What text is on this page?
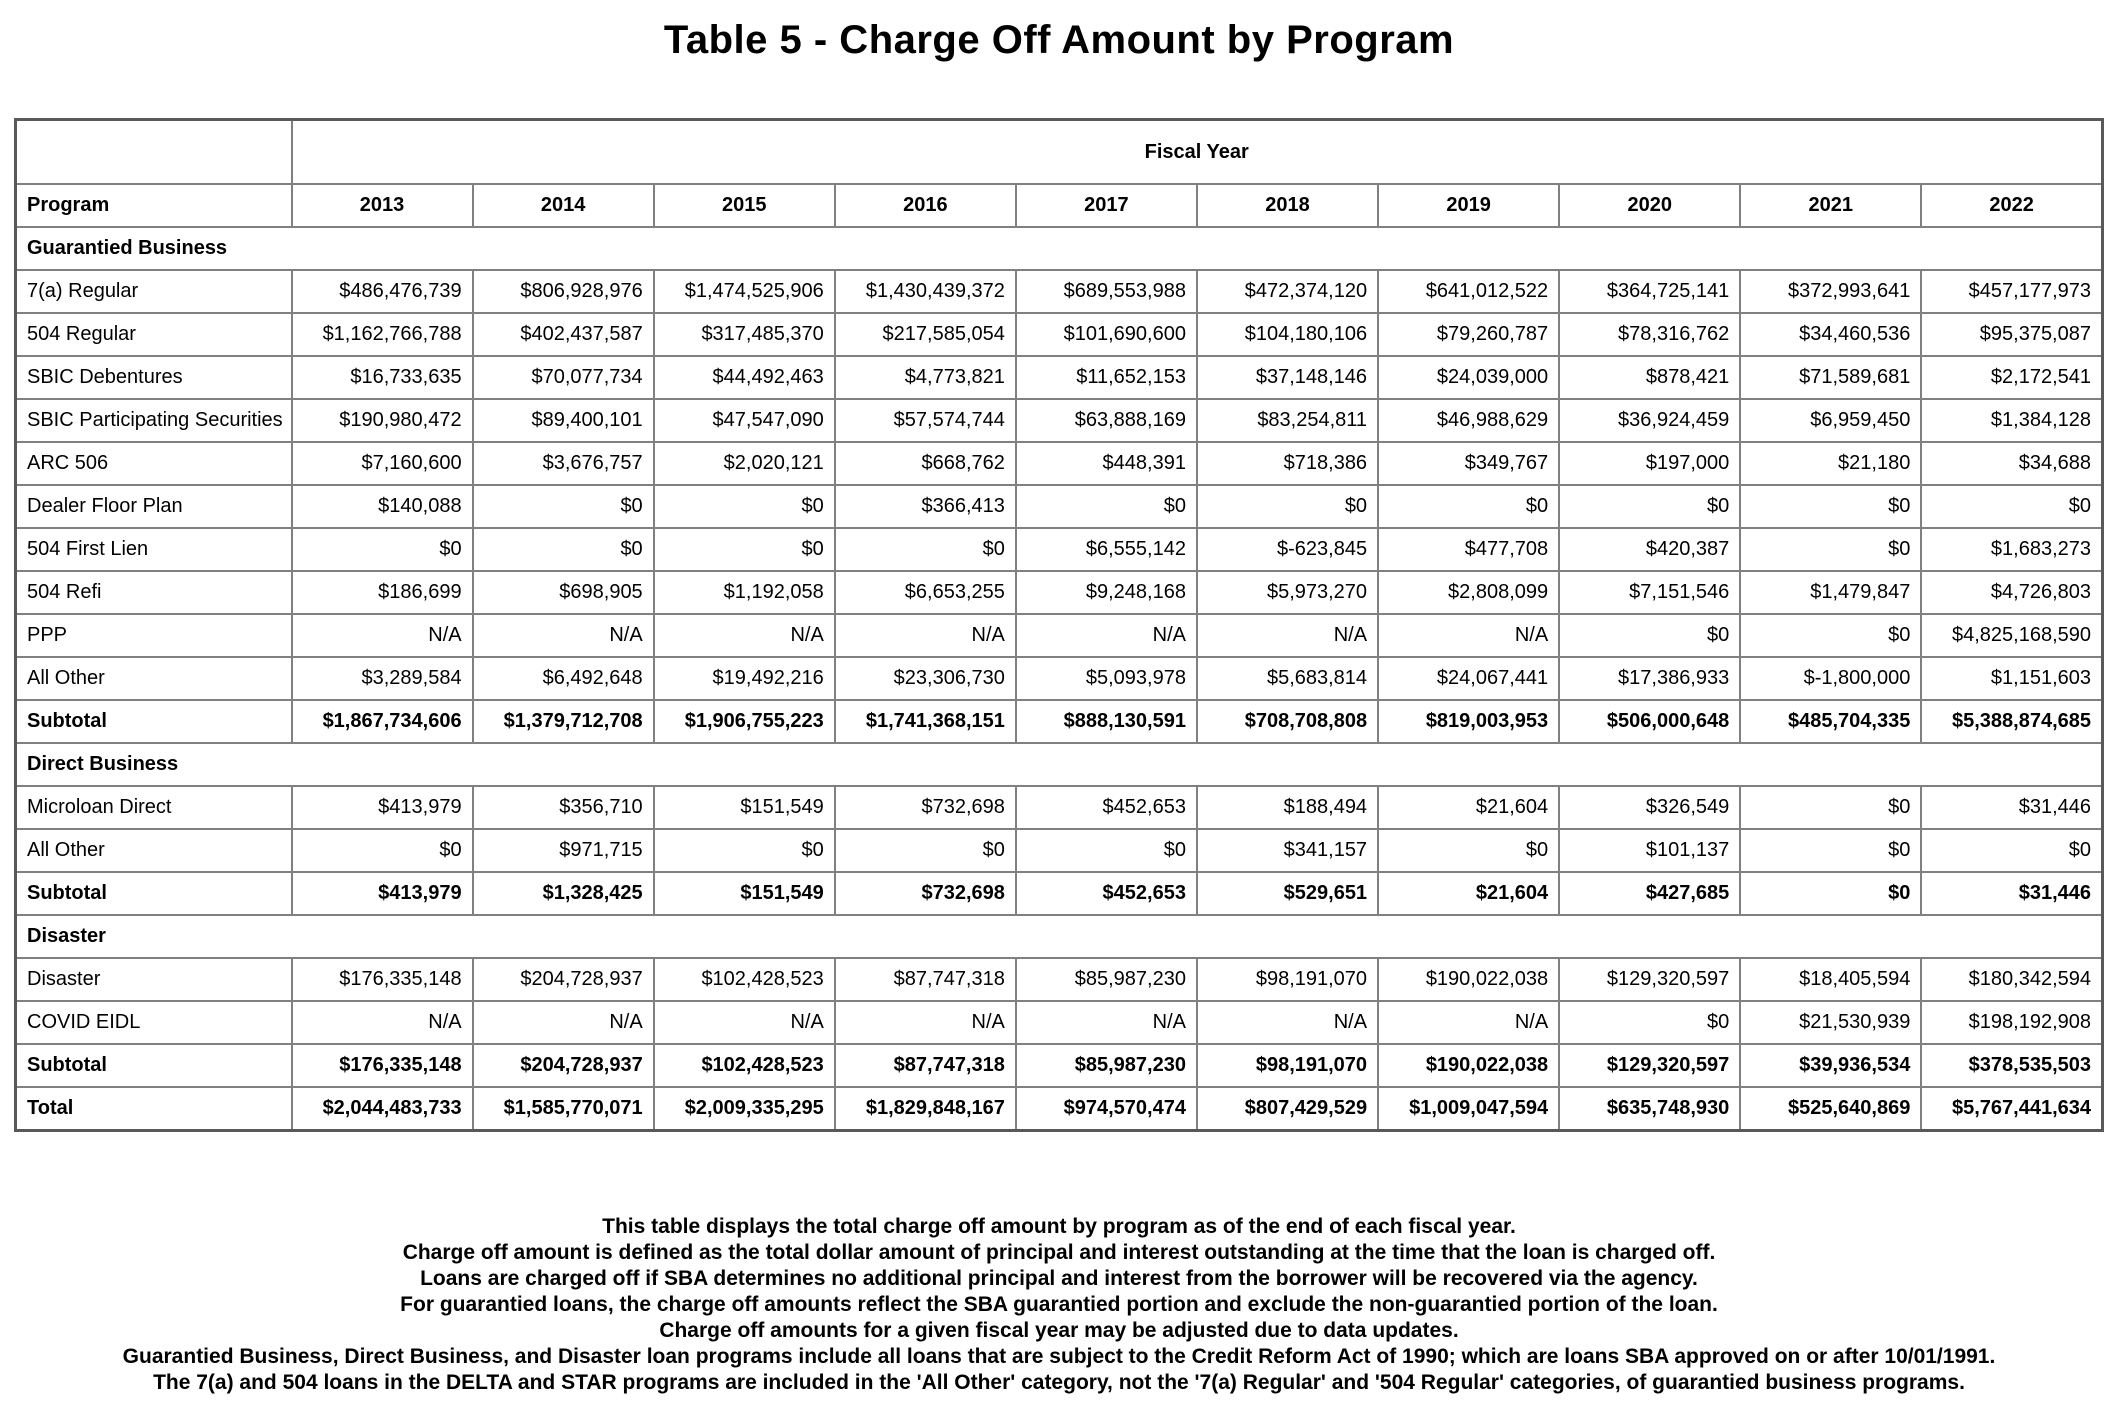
Table 5 - Charge Off Amount by Program
	Fiscal Year									
Program	2013	2014	2015	2016	2017	2018	2019	2020	2021	2022
Guarantied Business										
7(a) Regular	$486,476,739	$806,928,976	$1,474,525,906	$1,430,439,372	$689,553,988	$472,374,120	$641,012,522	$364,725,141	$372,993,641	$457,177,973
504 Regular	$1,162,766,788	$402,437,587	$317,485,370	$217,585,054	$101,690,600	$104,180,106	$79,260,787	$78,316,762	$34,460,536	$95,375,087
SBIC Debentures	$16,733,635	$70,077,734	$44,492,463	$4,773,821	$11,652,153	$37,148,146	$24,039,000	$878,421	$71,589,681	$2,172,541
SBIC Participating Securities	$190,980,472	$89,400,101	$47,547,090	$57,574,744	$63,888,169	$83,254,811	$46,988,629	$36,924,459	$6,959,450	$1,384,128
ARC 506	$7,160,600	$3,676,757	$2,020,121	$668,762	$448,391	$718,386	$349,767	$197,000	$21,180	$34,688
Dealer Floor Plan	$140,088	$0	$0	$366,413	$0	$0	$0	$0	$0	$0
504 First Lien	$0	$0	$0	$0	$6,555,142	$-623,845	$477,708	$420,387	$0	$1,683,273
504 Refi	$186,699	$698,905	$1,192,058	$6,653,255	$9,248,168	$5,973,270	$2,808,099	$7,151,546	$1,479,847	$4,726,803
PPP	N/A	N/A	N/A	N/A	N/A	N/A	N/A	$0	$0	$4,825,168,590
All Other	$3,289,584	$6,492,648	$19,492,216	$23,306,730	$5,093,978	$5,683,814	$24,067,441	$17,386,933	$-1,800,000	$1,151,603
Subtotal	$1,867,734,606	$1,379,712,708	$1,906,755,223	$1,741,368,151	$888,130,591	$708,708,808	$819,003,953	$506,000,648	$485,704,335	$5,388,874,685
Direct Business										
Microloan Direct	$413,979	$356,710	$151,549	$732,698	$452,653	$188,494	$21,604	$326,549	$0	$31,446
All Other	$0	$971,715	$0	$0	$0	$341,157	$0	$101,137	$0	$0
Subtotal	$413,979	$1,328,425	$151,549	$732,698	$452,653	$529,651	$21,604	$427,685	$0	$31,446
Disaster										
Disaster	$176,335,148	$204,728,937	$102,428,523	$87,747,318	$85,987,230	$98,191,070	$190,022,038	$129,320,597	$18,405,594	$180,342,594
COVID EIDL	N/A	N/A	N/A	N/A	N/A	N/A	N/A	$0	$21,530,939	$198,192,908
Subtotal	$176,335,148	$204,728,937	$102,428,523	$87,747,318	$85,987,230	$98,191,070	$190,022,038	$129,320,597	$39,936,534	$378,535,503
Total	$2,044,483,733	$1,585,770,071	$2,009,335,295	$1,829,848,167	$974,570,474	$807,429,529	$1,009,047,594	$635,748,930	$525,640,869	$5,767,441,634
This table displays the total charge off amount by program as of the end of each fiscal year.
Charge off amount is defined as the total dollar amount of principal and interest outstanding at the time that the loan is charged off.
Loans are charged off if SBA determines no additional principal and interest from the borrower will be recovered via the agency.
For guarantied loans, the charge off amounts reflect the SBA guarantied portion and exclude the non-guarantied portion of the loan.
Charge off amounts for a given fiscal year may be adjusted due to data updates.
Guarantied Business, Direct Business, and Disaster loan programs include all loans that are subject to the Credit Reform Act of 1990; which are loans SBA approved on or after 10/01/1991.
The 7(a) and 504 loans in the DELTA and STAR programs are included in the 'All Other' category, not the '7(a) Regular' and '504 Regular' categories, of guarantied business programs.
